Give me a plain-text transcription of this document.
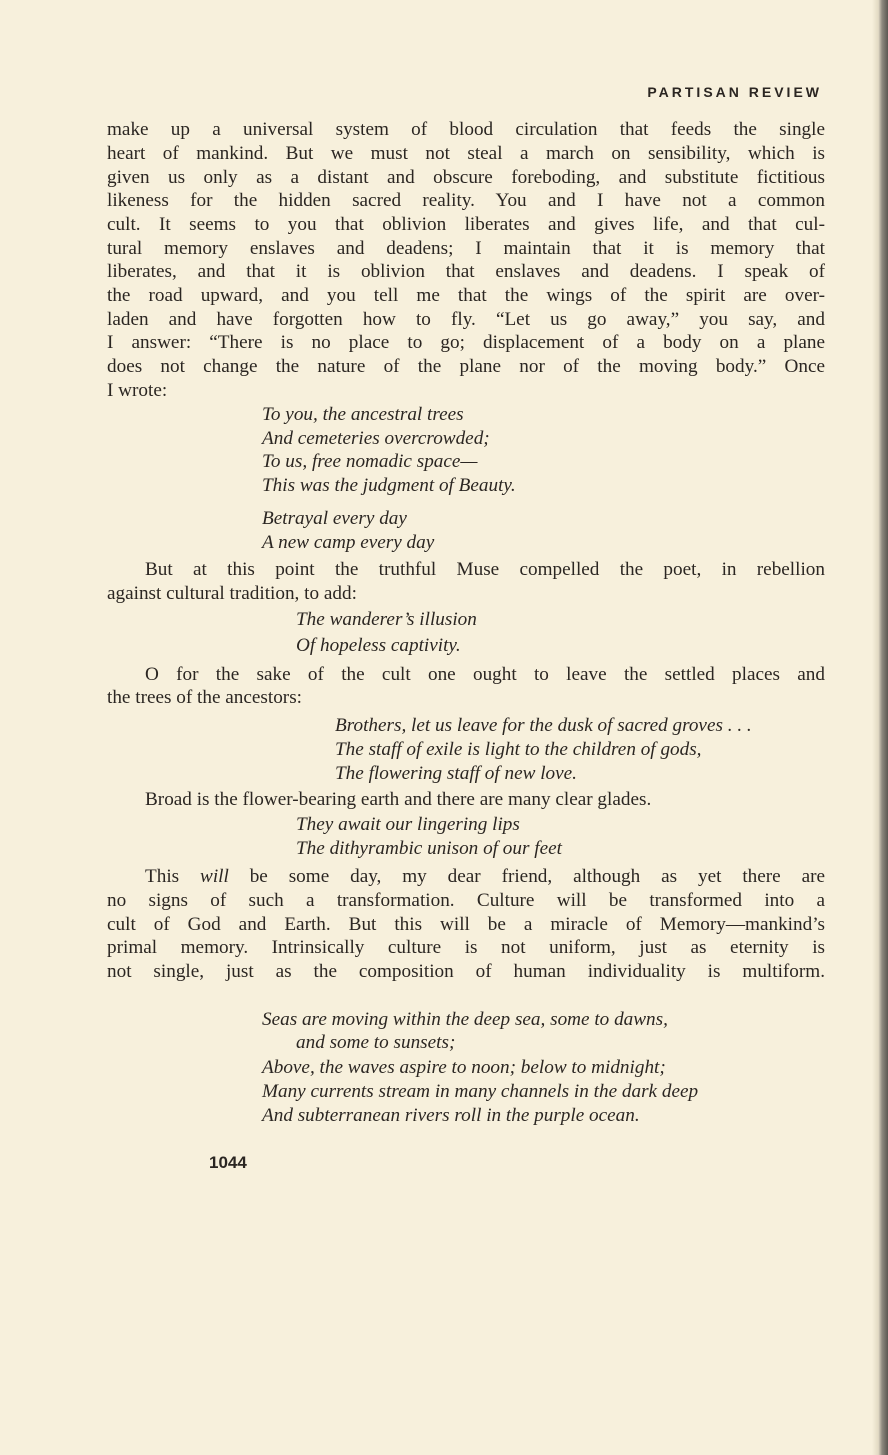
PARTISAN REVIEW
make up a universal system of blood circulation that feeds the single
heart of mankind. But we must not steal a march on sensibility, which is
given us only as a distant and obscure foreboding, and substitute fictitious
likeness for the hidden sacred reality. You and I have not a common
cult. It seems to you that oblivion liberates and gives life, and that cul-
tural memory enslaves and deadens; I maintain that it is memory that
liberates, and that it is oblivion that enslaves and deadens. I speak of
the road upward, and you tell me that the wings of the spirit are over-
laden and have forgotten how to fly. “Let us go away,” you say, and
I answer: “There is no place to go; displacement of a body on a plane
does not change the nature of the plane nor of the moving body.” Once
I wrote:
To you, the ancestral trees
And cemeteries overcrowded;
To us, free nomadic space—
This was the judgment of Beauty.
Betrayal every day
A new camp every day
But at this point the truthful Muse compelled the poet, in rebellion
against cultural tradition, to add:
The wanderer’s illusion
Of hopeless captivity.
O for the sake of the cult one ought to leave the settled places and
the trees of the ancestors:
Brothers, let us leave for the dusk of sacred groves . . .
The staff of exile is light to the children of gods,
The flowering staff of new love.
Broad is the flower-bearing earth and there are many clear glades.
They await our lingering lips
The dithyrambic unison of our feet
This will be some day, my dear friend, although as yet there are
no signs of such a transformation. Culture will be transformed into a
cult of God and Earth. But this will be a miracle of Memory—mankind’s
primal memory. Intrinsically culture is not uniform, just as eternity is
not single, just as the composition of human individuality is multiform.
Seas are moving within the deep sea, some to dawns,
and some to sunsets;
Above, the waves aspire to noon; below to midnight;
Many currents stream in many channels in the dark deep
And subterranean rivers roll in the purple ocean.
1044
